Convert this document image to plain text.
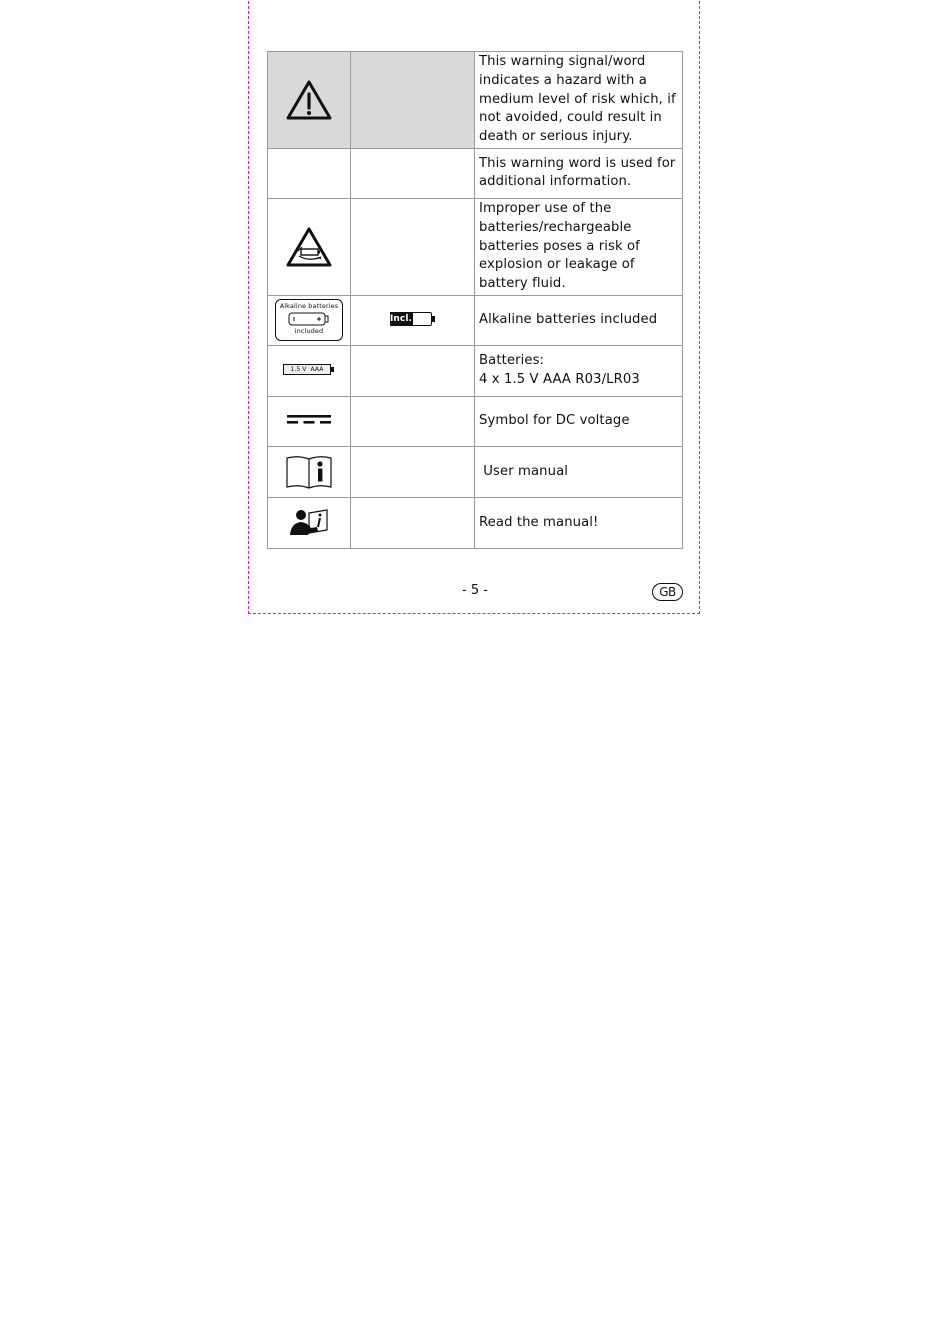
		This warning signal/word indicates a hazard with a medium level of risk which, if not avoided, could result in death or serious injury.
		This warning word is used for additional information.
		Improper use of the batteries/rechargeable batteries poses a risk of explosion or leakage of battery fluid.

Alkaline batteries
included	Incl.	Alkaline batteries included

1.5 V  AAA		Batteries:
4 x 1.5 V AAA R03/LR03

		Symbol for DC voltage
		User manual
		Read the manual!
- 5 -	GB
